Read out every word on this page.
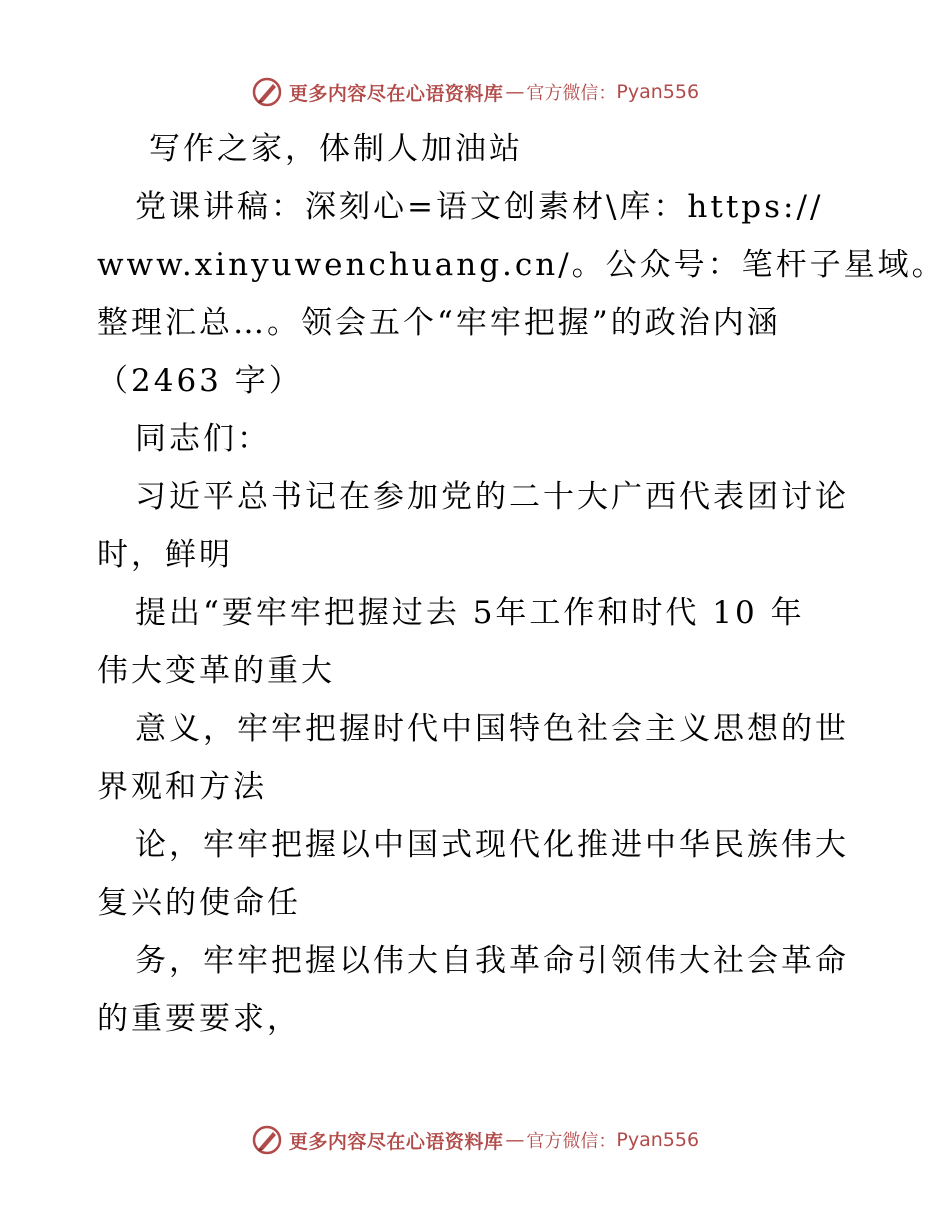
更多内容尽在心语资料库 — 官方微信： Pyan556
写作之家，体制人加油站
党课讲稿：深刻心=语文创素材\库：https://
www.xinyuwenchuang.cn/。公众号：笔杆子星域。
整理汇总…。领会五个“牢牢把握”的政治内涵
（2463 字）
同志们：
习近平总书记在参加党的二十大广西代表团讨论
时，鲜明
提出“要牢牢把握过去 5年工作和时代 10 年
伟大变革的重大
意义，牢牢把握时代中国特色社会主义思想的世
界观和方法
论，牢牢把握以中国式现代化推进中华民族伟大
复兴的使命任
务，牢牢把握以伟大自我革命引领伟大社会革命
的重要要求，
更多内容尽在心语资料库 — 官方微信： Pyan556
